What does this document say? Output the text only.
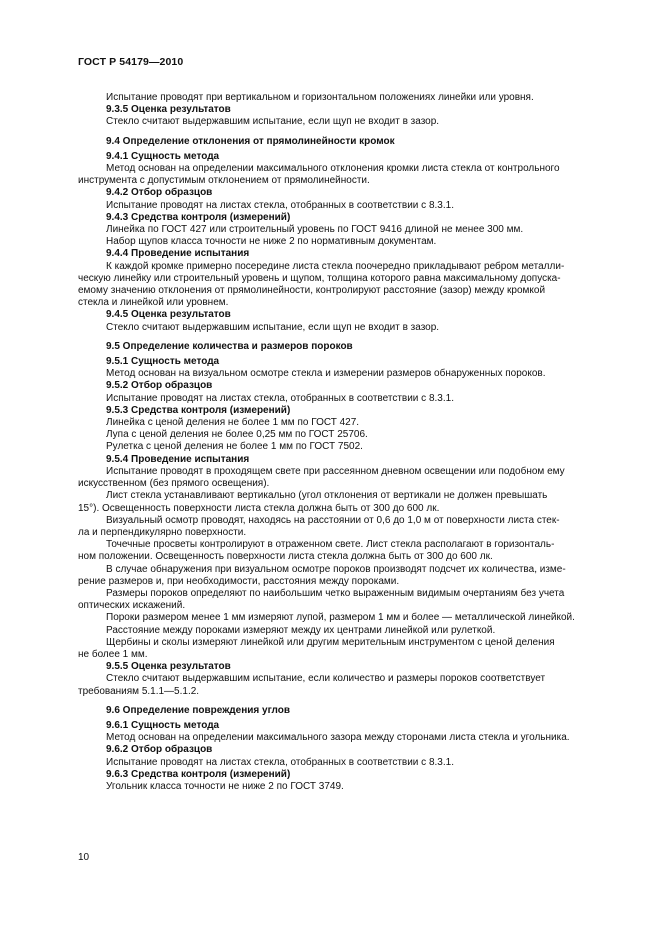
ГОСТ Р 54179—2010
Испытание проводят при вертикальном и горизонтальном положениях линейки или уровня.
9.3.5 Оценка результатов
Стекло считают выдержавшим испытание, если щуп не входит в зазор.
9.4 Определение отклонения от прямолинейности кромок
9.4.1 Сущность метода
Метод основан на определении максимального отклонения кромки листа стекла от контрольного
инструмента с допустимым отклонением от прямолинейности.
9.4.2 Отбор образцов
Испытание проводят на листах стекла, отобранных в соответствии с 8.3.1.
9.4.3 Средства контроля (измерений)
Линейка по ГОСТ 427 или строительный уровень по ГОСТ 9416 длиной не менее 300 мм.
Набор щупов класса точности не ниже 2 по нормативным документам.
9.4.4 Проведение испытания
К каждой кромке примерно посередине листа стекла поочередно прикладывают ребром металли-
ческую линейку или строительный уровень и щупом, толщина которого равна максимальному допуска-
емому значению отклонения от прямолинейности, контролируют расстояние (зазор) между кромкой
стекла и линейкой или уровнем.
9.4.5 Оценка результатов
Стекло считают выдержавшим испытание, если щуп не входит в зазор.
9.5 Определение количества и размеров пороков
9.5.1 Сущность метода
Метод основан на визуальном осмотре стекла и измерении размеров обнаруженных пороков.
9.5.2 Отбор образцов
Испытание проводят на листах стекла, отобранных в соответствии с 8.3.1.
9.5.3 Средства контроля (измерений)
Линейка с ценой деления не более 1 мм по ГОСТ 427.
Лупа с ценой деления не более 0,25 мм по ГОСТ 25706.
Рулетка с ценой деления не более 1 мм по ГОСТ 7502.
9.5.4 Проведение испытания
Испытание проводят в проходящем свете при рассеянном дневном освещении или подобном ему
искусственном (без прямого освещения).
Лист стекла устанавливают вертикально (угол отклонения от вертикали не должен превышать
15°). Освещенность поверхности листа стекла должна быть от 300 до 600 лк.
Визуальный осмотр проводят, находясь на расстоянии от 0,6 до 1,0 м от поверхности листа стек-
ла и перпендикулярно поверхности.
Точечные просветы контролируют в отраженном свете. Лист стекла располагают в горизонталь-
ном положении. Освещенность поверхности листа стекла должна быть от 300 до 600 лк.
В случае обнаружения при визуальном осмотре пороков производят подсчет их количества, изме-
рение размеров и, при необходимости, расстояния между пороками.
Размеры пороков определяют по наибольшим четко выраженным видимым очертаниям без учета
оптических искажений.
Пороки размером менее 1 мм измеряют лупой, размером 1 мм и более — металлической линейкой.
Расстояние между пороками измеряют между их центрами линейкой или рулеткой.
Щербины и сколы измеряют линейкой или другим мерительным инструментом с ценой деления
не более 1 мм.
9.5.5 Оценка результатов
Стекло считают выдержавшим испытание, если количество и размеры пороков соответствует
требованиям 5.1.1—5.1.2.
9.6 Определение повреждения углов
9.6.1 Сущность метода
Метод основан на определении максимального зазора между сторонами листа стекла и угольника.
9.6.2 Отбор образцов
Испытание проводят на листах стекла, отобранных в соответствии с 8.3.1.
9.6.3 Средства контроля (измерений)
Угольник класса точности не ниже 2 по ГОСТ 3749.
10
